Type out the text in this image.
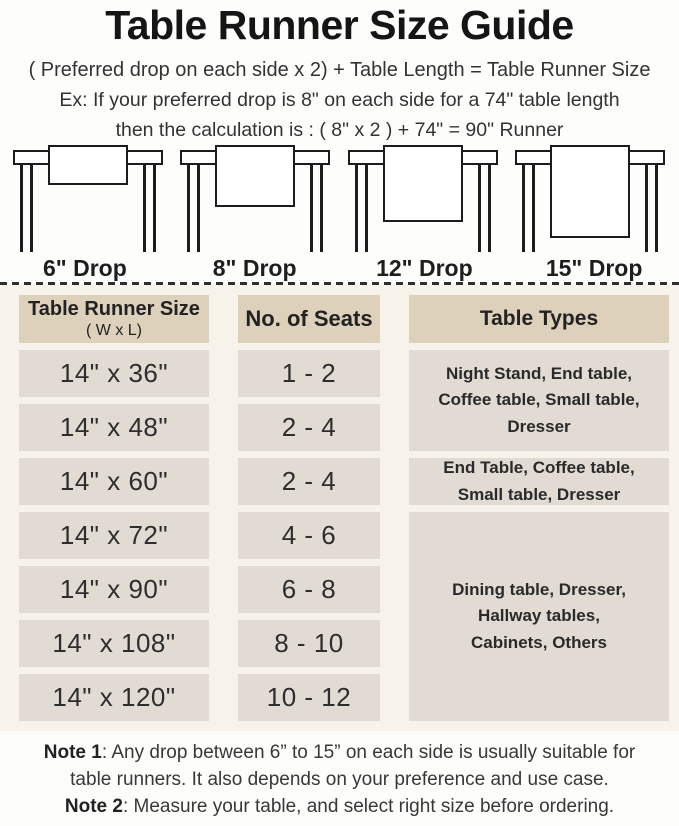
Table Runner Size Guide

( Preferred drop on each side x 2) + Table Length = Table Runner Size

Ex: If your preferred drop is 8" on each side for a 74" table length

then the calculation is : ( 8" x 2 ) + 74" = 90" Runner

6" Drop	8" Drop	12" Drop	15" Drop
Table Runner Size
( W x L)	No. of Seats	Table Types
14" x 36"	1 - 2	Night Stand, End table, Coffee table, Small table, Dresser
14" x 48"	2 - 4
14" x 60"	2 - 4	End Table, Coffee table, Small table, Dresser
14" x 72"	4 - 6
Dining table, Dresser, Hallway tables, Cabinets, Others
14" x 90"	6 - 8
14" x 108"	8 - 10
14" x 120"	10 - 12

Note 1: Any drop between 6” to 15” on each side is usually suitable for

table runners. It also depends on your preference and use case.

Note 2: Measure your table, and select right size before ordering.
